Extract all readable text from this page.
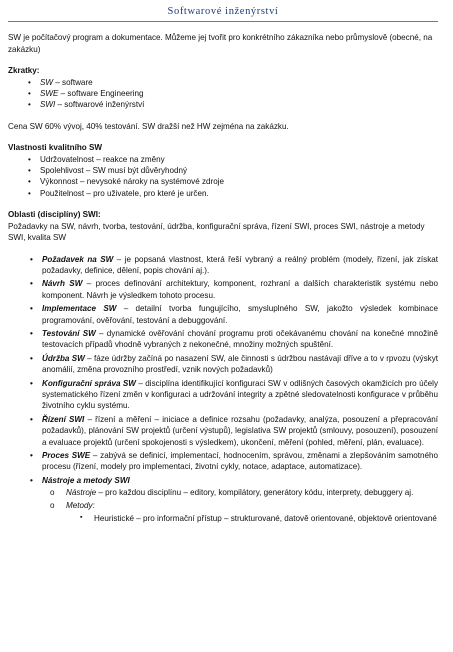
Softwarové inženýrství

SW je počítačový program a dokumentace. Můžeme jej tvořit pro konkrétního zákazníka nebo průmyslově (obecné, na zakázku)

Zkratky:

• SW – software
• SWE – software Engineering
• SWI – softwarové inženýrství

Cena SW 60% vývoj, 40% testování. SW dražší než HW zejména na zakázku.

Vlastnosti kvalitního SW

• Udržovatelnost – reakce na změny
• Spolehlivost – SW musí být důvěryhodný
• Výkonnost – nevysoké nároky na systémové zdroje
• Použitelnost – pro uživatele, pro které je určen.

Oblasti (disciplíny) SWI:

Požadavky na SW, návrh, tvorba, testování, údržba, konfigurační správa, řízení SWI, proces SWI, nástroje a metody SWI, kvalita SW

• Požadavek na SW – je popsaná vlastnost, která řeší vybraný a reálný problém (modely, řízení, jak získat požadavky, definice, dělení, popis chování aj.).
• Návrh SW – proces definování architektury, komponent, rozhraní a dalších charakteristik systému nebo komponent. Návrh je výsledkem tohoto procesu.
• Implementace SW – detailní tvorba fungujícího, smysluplného SW, jakožto výsledek kombinace programování, ověřování, testování a debuggování.
• Testování SW – dynamické ověřování chování programu proti očekávanému chování na konečné množině testovacích případů vhodně vybraných z nekonečné, množiny možných spuštění.
• Údržba SW – fáze údržby začíná po nasazení SW, ale činnosti s údržbou nastávají dříve a to v rpvozu (výskyt anomálií, změna provozního prostředí, vznik nových požadavků)
• Konfigurační správa SW – disciplína identifikující konfiguraci SW v odlišných časových okamžicích pro účely systematického řízení změn v konfiguraci a udržování integrity a zpětné sledovatelnosti konfigurace v průběhu životního cyklu systému.
• Řízení SWI – řízení a měření – iniciace a definice rozsahu (požadavky, analýza, posouzení a přepracování požadavků), plánování SW projektů (určení výstupů), legislativa SW projektů (smlouvy, posouzení), posouzení a evaluace projektů (určení spokojenosti s výsledkem), ukončení, měření (pohled, měření, plán, evaluace).
• Proces SWE – zabývá se definicí, implementací, hodnocením, správou, změnami a zlepšováním samotného procesu (řízení, modely pro implementaci, životní cykly, notace, adaptace, automatizace).
• Nástroje a metody SWI
o Nástroje – pro každou disciplínu – editory, kompilátory, generátory kódu, interprety, debuggery aj.
o Metody:
▪ Heuristické – pro informační přístup – strukturované, datově orientované, objektově orientované
